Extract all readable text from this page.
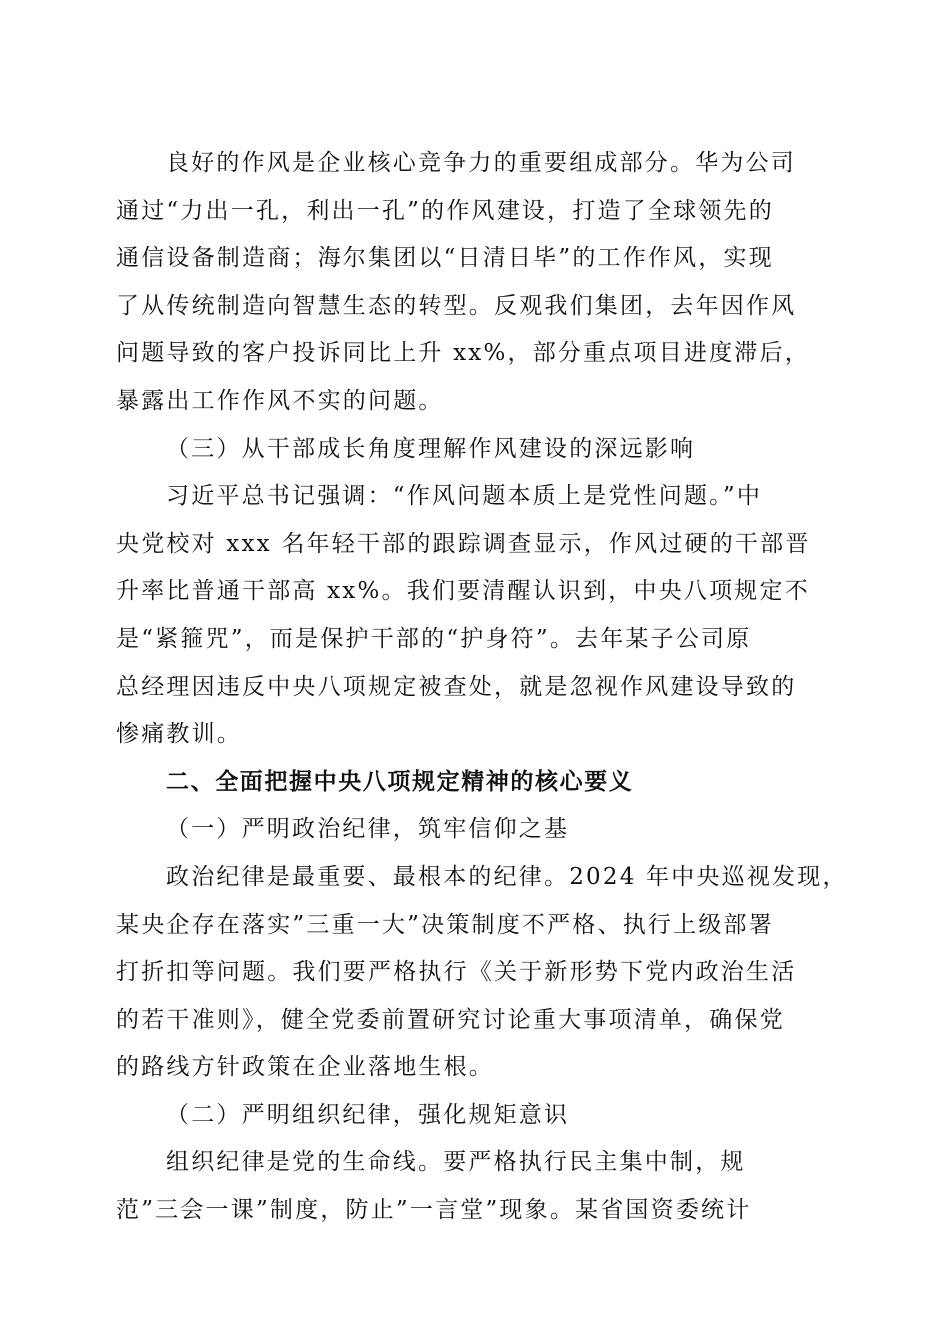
良好的作风是企业核心竞争力的重要组成部分。华为公司
通过“力出一孔，利出一孔”的作风建设，打造了全球领先的
通信设备制造商；海尔集团以“日清日毕”的工作作风，实现
了从传统制造向智慧生态的转型。反观我们集团，去年因作风
问题导致的客户投诉同比上升 xx%，部分重点项目进度滞后，
暴露出工作作风不实的问题。
（三）从干部成长角度理解作风建设的深远影响
习近平总书记强调：“作风问题本质上是党性问题。”中
央党校对 xxx 名年轻干部的跟踪调查显示，作风过硬的干部晋
升率比普通干部高 xx%。我们要清醒认识到，中央八项规定不
是“紧箍咒”，而是保护干部的“护身符”。去年某子公司原
总经理因违反中央八项规定被查处，就是忽视作风建设导致的
惨痛教训。
二、全面把握中央八项规定精神的核心要义
（一）严明政治纪律，筑牢信仰之基
政治纪律是最重要、最根本的纪律。2024 年中央巡视发现，
某央企存在落实”三重一大”决策制度不严格、执行上级部署
打折扣等问题。我们要严格执行《关于新形势下党内政治生活
的若干准则》，健全党委前置研究讨论重大事项清单，确保党
的路线方针政策在企业落地生根。
（二）严明组织纪律，强化规矩意识
组织纪律是党的生命线。要严格执行民主集中制，规
范”三会一课”制度，防止”一言堂”现象。某省国资委统计
